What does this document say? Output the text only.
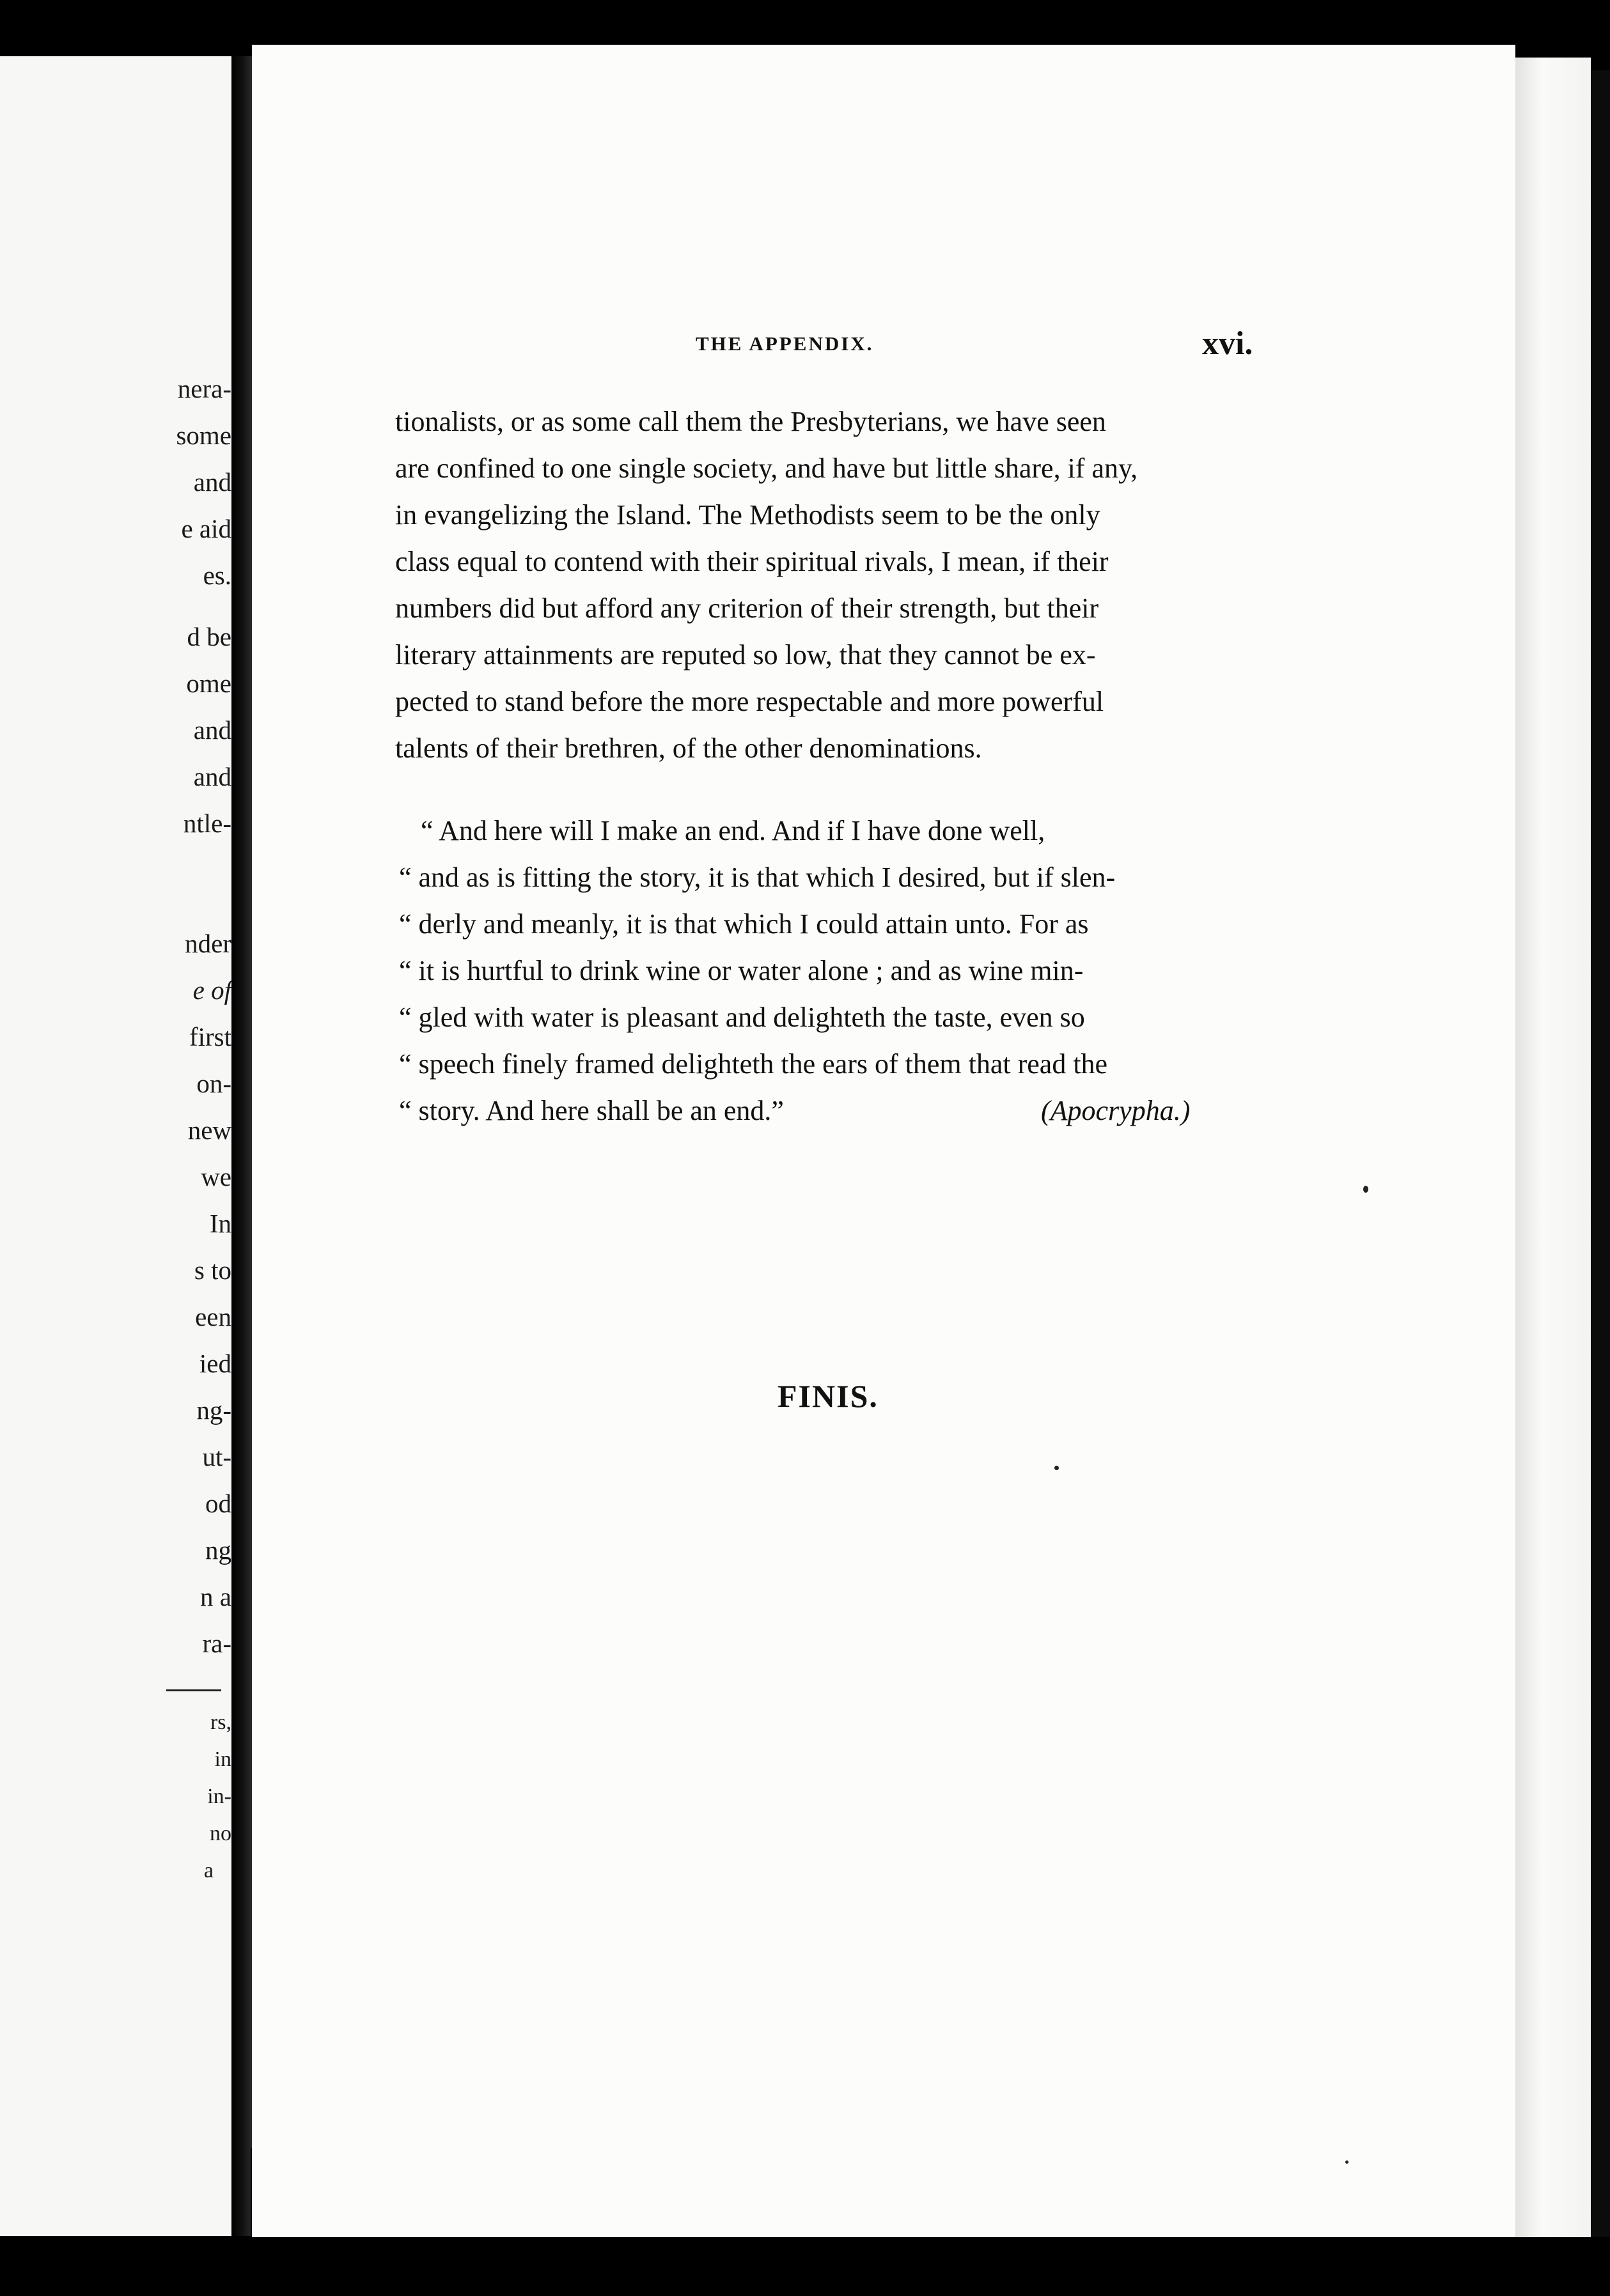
nera-
some
and
e aid
es.
d be
ome
and
and
ntle-
nder
e of
first
on-
new
we
In
s to
een
ied
ng-
ut-
od
ng
n a
ra-
rs,
in
in-
no
a
THE APPENDIX.	xvi.
tionalists, or as some call them the Presbyterians, we have seen
are confined to one single society, and have but little share, if any,
in evangelizing the Island. The Methodists seem to be the only
class equal to contend with their spiritual rivals, I mean, if their
numbers did but afford any criterion of their strength, but their
literary attainments are reputed so low, that they cannot be ex-
pected to stand before the more respectable and more powerful
talents of their brethren, of the other denominations.
“ And here will I make an end. And if I have done well,
“ and as is fitting the story, it is that which I desired, but if slen-
“ derly and meanly, it is that which I could attain unto. For as
“ it is hurtful to drink wine or water alone ; and as wine min-
“ gled with water is pleasant and delighteth the taste, even so
“ speech finely framed delighteth the ears of them that read the
“ story. And here shall be an end.”	(Apocrypha.)
FINIS.
